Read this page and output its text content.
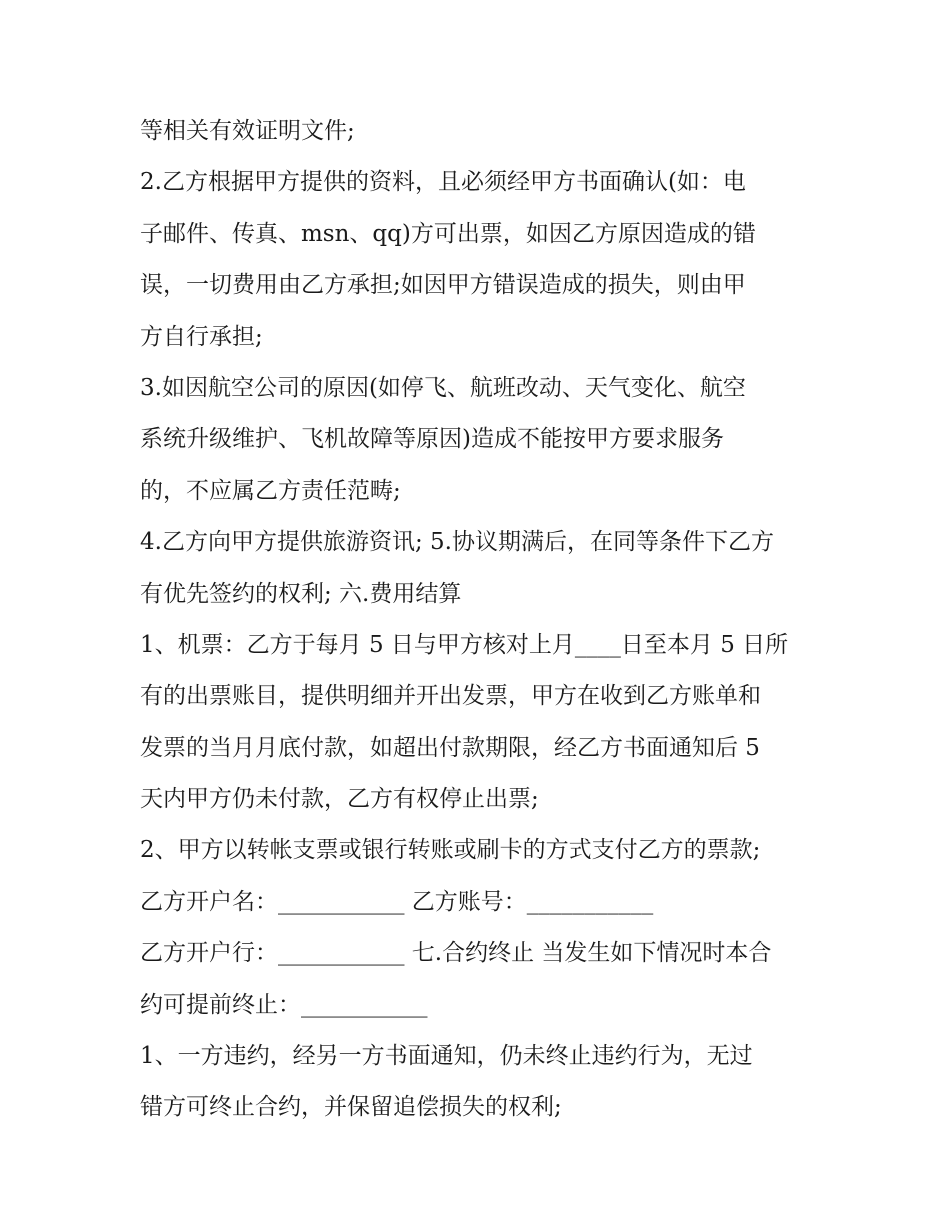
等相关有效证明文件;
2.乙方根据甲方提供的资料，且必须经甲方书面确认(如：电
子邮件、传真、msn、qq)方可出票，如因乙方原因造成的错
误，一切费用由乙方承担;如因甲方错误造成的损失，则由甲
方自行承担;
3.如因航空公司的原因(如停飞、航班改动、天气变化、航空
系统升级维护、飞机故障等原因)造成不能按甲方要求服务
的，不应属乙方责任范畴;
4.乙方向甲方提供旅游资讯; 5.协议期满后，在同等条件下乙方
有优先签约的权利; 六.费用结算
1、机票：乙方于每月 5 日与甲方核对上月____日至本月 5 日所
有的出票账目，提供明细并开出发票，甲方在收到乙方账单和
发票的当月月底付款，如超出付款期限，经乙方书面通知后 5
天内甲方仍未付款，乙方有权停止出票;
2、甲方以转帐支票或银行转账或刷卡的方式支付乙方的票款;
乙方开户名：___________ 乙方账号：___________
乙方开户行：___________ 七.合约终止 当发生如下情况时本合
约可提前终止：___________
1、一方违约，经另一方书面通知，仍未终止违约行为，无过
错方可终止合约，并保留追偿损失的权利;
